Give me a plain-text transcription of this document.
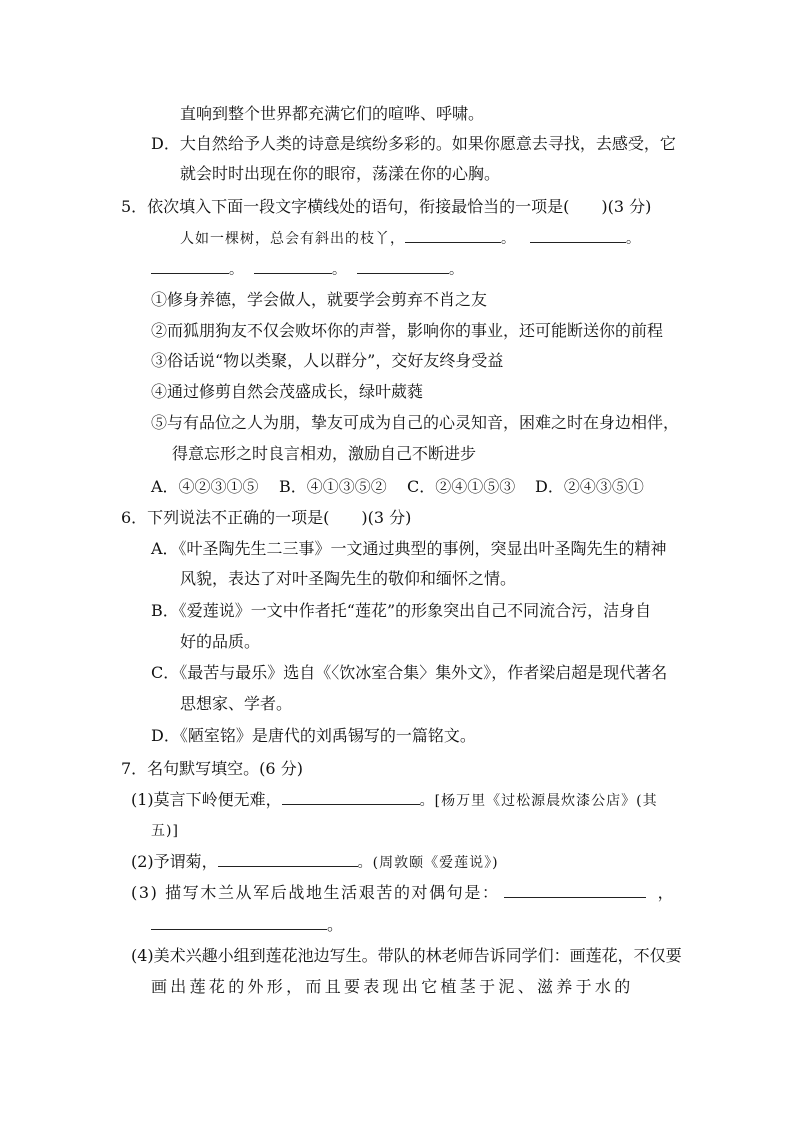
直响到整个世界都充满它们的喧哗、呼啸。
D．大自然给予人类的诗意是缤纷多彩的。如果你愿意去寻找，去感受，它
就会时时出现在你的眼帘，荡漾在你的心胸。
5．依次填入下面一段文字横线处的语句，衔接最恰当的一项是(　　)(3 分)
人如一棵树，总会有斜出的枝丫，	。	。
。	。	。
①修身养德，学会做人，就要学会剪弃不肖之友
②而狐朋狗友不仅会败坏你的声誉，影响你的事业，还可能断送你的前程
③俗话说“物以类聚，人以群分”，交好友终身受益
④通过修剪自然会茂盛成长，绿叶葳蕤
⑤与有品位之人为朋，挚友可成为自己的心灵知音，困难之时在身边相伴，
得意忘形之时良言相劝，激励自己不断进步
A．④②③①⑤ B．④①③⑤② C．②④①⑤③ D．②④③⑤①
6．下列说法不正确的一项是(　　)(3 分)
A．《叶圣陶先生二三事》一文通过典型的事例，突显出叶圣陶先生的精神
风貌，表达了对叶圣陶先生的敬仰和缅怀之情。
B．《爱莲说》一文中作者托“莲花”的形象突出自己不同流合污，洁身自
好的品质。
C．《最苦与最乐》选自《〈饮冰室合集〉集外文》，作者梁启超是现代著名
思想家、学者。
D．《陋室铭》是唐代的刘禹锡写的一篇铭文。
7．名句默写填空。(6 分)
(1)莫言下岭便无难，	。[杨万里《过松源晨炊漆公店》(其
五)]
(2)予谓菊，	。(周敦颐《爱莲说》)
(3) 描写木兰从军后战地生活艰苦的对偶句是：	，
。
(4)美术兴趣小组到莲花池边写生。带队的林老师告诉同学们：画莲花，不仅要
画出莲花的外形，而且要表现出它植茎于泥、滋养于水的
